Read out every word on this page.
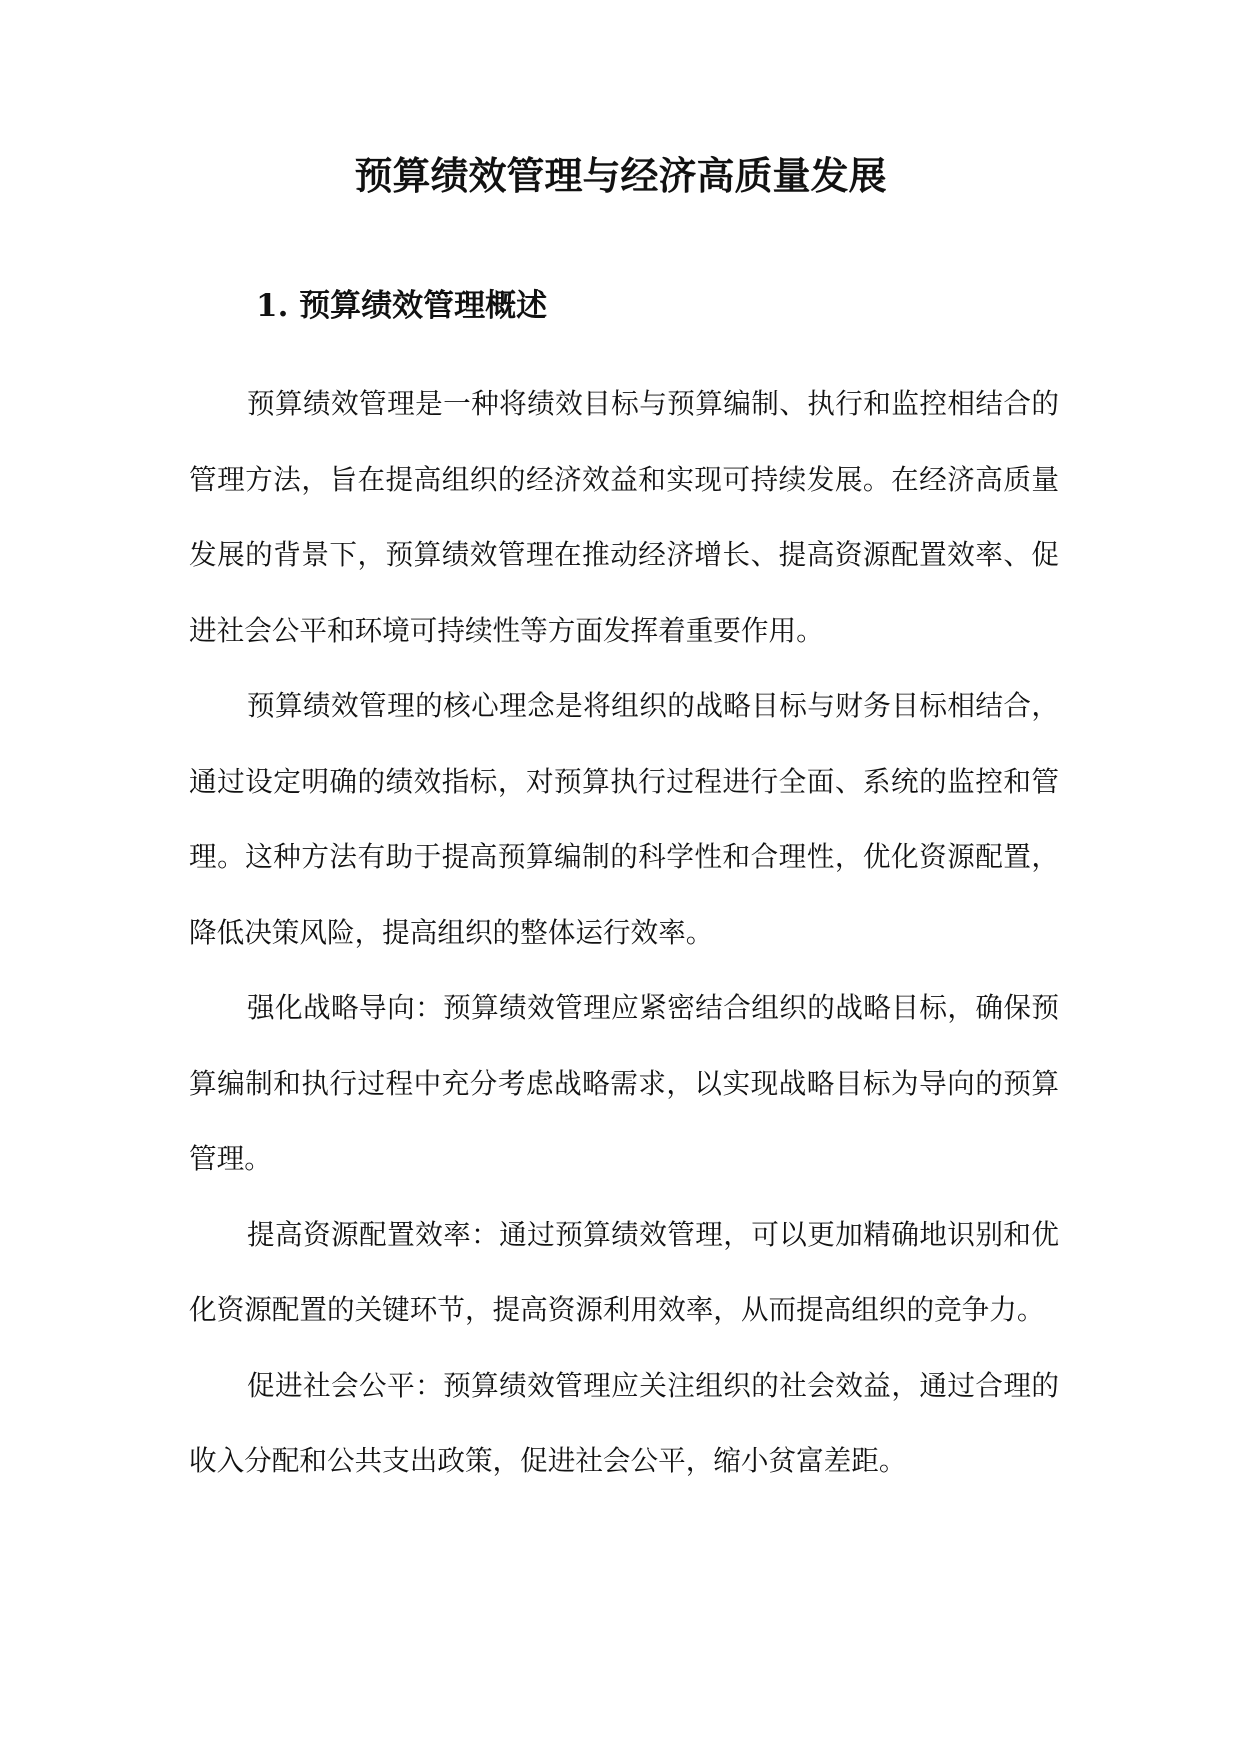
预算绩效管理与经济高质量发展
1. 预算绩效管理概述

预算绩效管理是一种将绩效目标与预算编制、执行和监控相结合的管理方法，旨在提高组织的经济效益和实现可持续发展。在经济高质量发展的背景下，预算绩效管理在推动经济增长、提高资源配置效率、促进社会公平和环境可持续性等方面发挥着重要作用。

预算绩效管理的核心理念是将组织的战略目标与财务目标相结合，通过设定明确的绩效指标，对预算执行过程进行全面、系统的监控和管理。这种方法有助于提高预算编制的科学性和合理性，优化资源配置，降低决策风险，提高组织的整体运行效率。

强化战略导向：预算绩效管理应紧密结合组织的战略目标，确保预算编制和执行过程中充分考虑战略需求，以实现战略目标为导向的预算管理。

提高资源配置效率：通过预算绩效管理，可以更加精确地识别和优化资源配置的关键环节，提高资源利用效率，从而提高组织的竞争力。

促进社会公平：预算绩效管理应关注组织的社会效益，通过合理的收入分配和公共支出政策，促进社会公平，缩小贫富差距。
